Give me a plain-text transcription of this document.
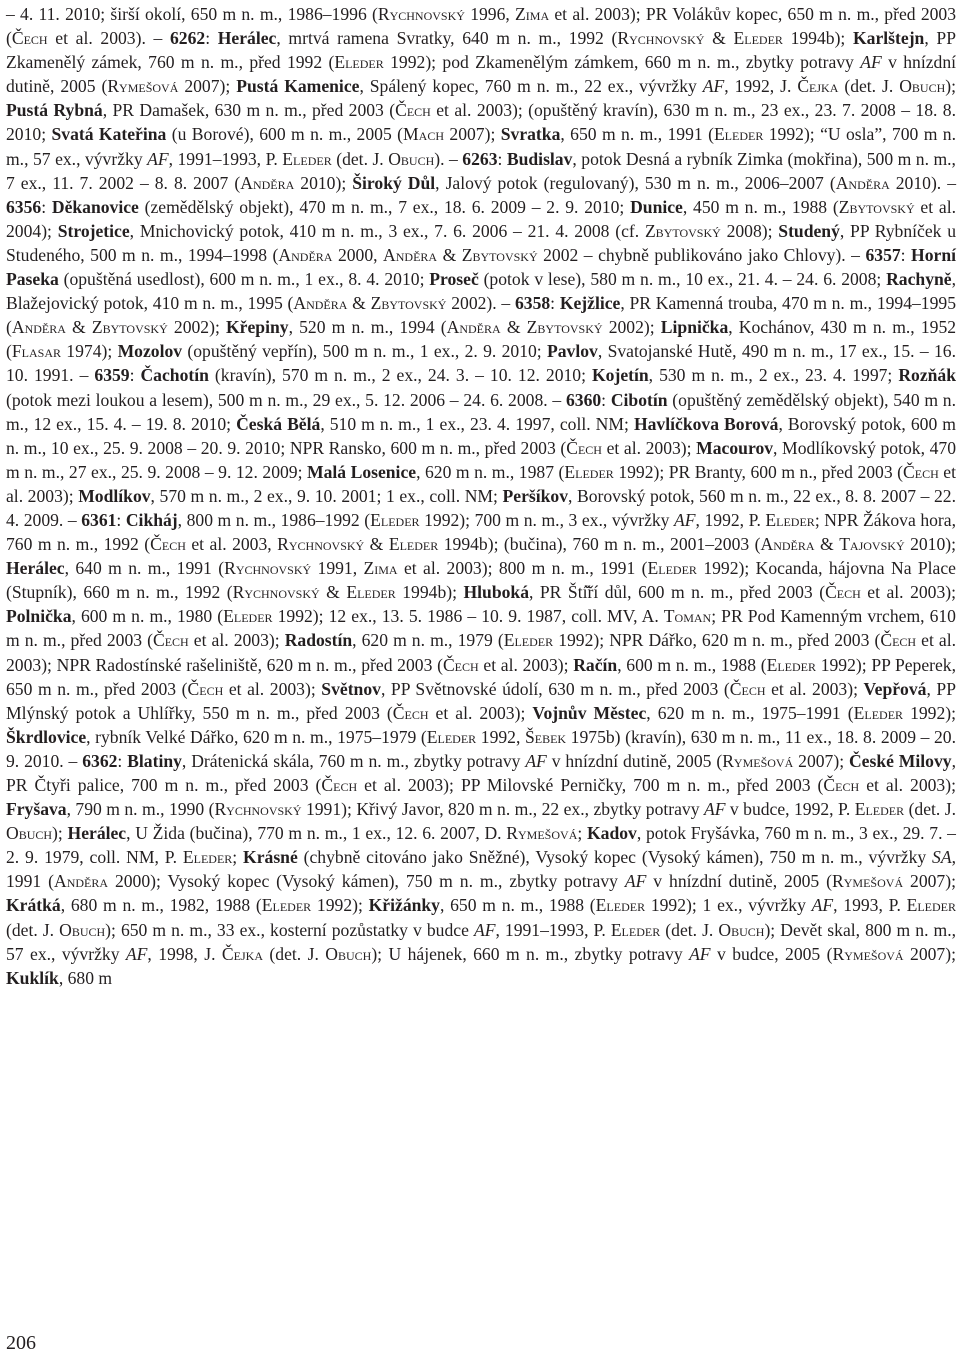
– 4. 11. 2010; širší okolí, 650 m n. m., 1986–1996 (Rychnovský 1996, Zima et al. 2003); PR Volákův kopec, 650 m n. m., před 2003 (Čech et al. 2003). – 6262: Herálec, mrtvá ramena Svratky, 640 m n. m., 1992 (Rychnovský & Eleder 1994b); Karlštejn, PP Zkamenělý zámek, 760 m n. m., před 1992 (Eleder 1992); pod Zkamenělým zámkem, 660 m n. m., zbytky potravy AF v hnízdní dutině, 2005 (Rymešová 2007); Pustá Kamenice, Spálený kopec, 760 m n. m., 22 ex., vývržky AF, 1992, J. Čejka (det. J. Obuch); Pustá Rybná, PR Damašek, 630 m n. m., před 2003 (Čech et al. 2003); (opuštěný kravín), 630 m n. m., 23 ex., 23. 7. 2008 – 18. 8. 2010; Svatá Kateřina (u Borové), 600 m n. m., 2005 (Mach 2007); Svratka, 650 m n. m., 1991 (Eleder 1992); “U osla”, 700 m n. m., 57 ex., vývržky AF, 1991–1993, P. Eleder (det. J. Obuch). – 6263: Budislav, potok Desná a rybník Zimka (mokřina), 500 m n. m., 7 ex., 11. 7. 2002 – 8. 8. 2007 (Anděra 2010); Široký Důl, Jalový potok (regulovaný), 530 m n. m., 2006–2007 (Anděra 2010). – 6356: Děkanovice (zemědělský objekt), 470 m n. m., 7 ex., 18. 6. 2009 – 2. 9. 2010; Dunice, 450 m n. m., 1988 (Zbytovský et al. 2004); Strojetice, Mnichovický potok, 410 m n. m., 3 ex., 7. 6. 2006 – 21. 4. 2008 (cf. Zbytovský 2008); Studený, PP Rybníček u Studeného, 500 m n. m., 1994–1998 (Anděra 2000, Anděra & Zbytovský 2002 – chybně publikováno jako Chlovy). – 6357: Horní Paseka (opuštěná usedlost), 600 m n. m., 1 ex., 8. 4. 2010; Proseč (potok v lese), 580 m n. m., 10 ex., 21. 4. – 24. 6. 2008; Rachyně, Blažejovický potok, 410 m n. m., 1995 (Anděra & Zbytovský 2002). – 6358: Kejžlice, PR Kamenná trouba, 470 m n. m., 1994–1995 (Anděra & Zbytovský 2002); Křepiny, 520 m n. m., 1994 (Anděra & Zbytovský 2002); Lipnička, Kochánov, 430 m n. m., 1952 (Flasar 1974); Mozolov (opuštěný vepřín), 500 m n. m., 1 ex., 2. 9. 2010; Pavlov, Svatojanské Hutě, 490 m n. m., 17 ex., 15. – 16. 10. 1991. – 6359: Čachotín (kravín), 570 m n. m., 2 ex., 24. 3. – 10. 12. 2010; Kojetín, 530 m n. m., 2 ex., 23. 4. 1997; Rozňák (potok mezi loukou a lesem), 500 m n. m., 29 ex., 5. 12. 2006 – 24. 6. 2008. – 6360: Cibotín (opuštěný zemědělský objekt), 540 m n. m., 12 ex., 15. 4. – 19. 8. 2010; Česká Bělá, 510 m n. m., 1 ex., 23. 4. 1997, coll. NM; Havlíčkova Borová, Borovský potok, 600 m n. m., 10 ex., 25. 9. 2008 – 20. 9. 2010; NPR Ransko, 600 m n. m., před 2003 (Čech et al. 2003); Macourov, Modlíkovský potok, 470 m n. m., 27 ex., 25. 9. 2008 – 9. 12. 2009; Malá Losenice, 620 m n. m., 1987 (Eleder 1992); PR Branty, 600 m n., před 2003 (Čech et al. 2003); Modlíkov, 570 m n. m., 2 ex., 9. 10. 2001; 1 ex., coll. NM; Peršíkov, Borovský potok, 560 m n. m., 22 ex., 8. 8. 2007 – 22. 4. 2009. – 6361: Cikháj, 800 m n. m., 1986–1992 (Eleder 1992); 700 m n. m., 3 ex., vývržky AF, 1992, P. Eleder; NPR Žákova hora, 760 m n. m., 1992 (Čech et al. 2003, Rychnovský & Eleder 1994b); (bučina), 760 m n. m., 2001–2003 (Anděra & Tajovský 2010); Herálec, 640 m n. m., 1991 (Rychnovský 1991, Zima et al. 2003); 800 m n. m., 1991 (Eleder 1992); Kocanda, hájovna Na Place (Stupník), 660 m n. m., 1992 (Rychnovský & Eleder 1994b); Hluboká, PR Ští̌ří důl, 600 m n. m., před 2003 (Čech et al. 2003); Polnička, 600 m n. m., 1980 (Eleder 1992); 12 ex., 13. 5. 1986 – 10. 9. 1987, coll. MV, A. Toman; PR Pod Kamenným vrchem, 610 m n. m., před 2003 (Čech et al. 2003); Radostín, 620 m n. m., 1979 (Eleder 1992); NPR Dářko, 620 m n. m., před 2003 (Čech et al. 2003); NPR Radostínské rašeliniště, 620 m n. m., před 2003 (Čech et al. 2003); Račín, 600 m n. m., 1988 (Eleder 1992); PP Peperek, 650 m n. m., před 2003 (Čech et al. 2003); Světnov, PP Světnovské údolí, 630 m n. m., před 2003 (Čech et al. 2003); Vepřová, PP Mlýnský potok a Uhlířky, 550 m n. m., před 2003 (Čech et al. 2003); Vojnův Městec, 620 m n. m., 1975–1991 (Eleder 1992); Škrdlovice, rybník Velké Dářko, 620 m n. m., 1975–1979 (Eleder 1992, Šebek 1975b) (kravín), 630 m n. m., 11 ex., 18. 8. 2009 – 20. 9. 2010. – 6362: Blatiny, Drátenická skála, 760 m n. m., zbytky potravy AF v hnízdní dutině, 2005 (Rymešová 2007); České Milovy, PR Čtyři palice, 700 m n. m., před 2003 (Čech et al. 2003); PP Milovské Perničky, 700 m n. m., před 2003 (Čech et al. 2003); Fryšava, 790 m n. m., 1990 (Rychnovský 1991); Křivý Javor, 820 m n. m., 22 ex., zbytky potravy AF v budce, 1992, P. Eleder (det. J. Obuch); Herálec, U Žida (bučina), 770 m n. m., 1 ex., 12. 6. 2007, D. Rymešová; Kadov, potok Fryšávka, 760 m n. m., 3 ex., 29. 7. – 2. 9. 1979, coll. NM, P. Eleder; Krásné (chybně citováno jako Sněžné), Vysoký kopec (Vysoký kámen), 750 m n. m., vývržky SA, 1991 (Anděra 2000); Vysoký kopec (Vysoký kámen), 750 m n. m., zbytky potravy AF v hnízdní dutině, 2005 (Rymešová 2007); Krátká, 680 m n. m., 1982, 1988 (Eleder 1992); Křižánky, 650 m n. m., 1988 (Eleder 1992); 1 ex., vývržky AF, 1993, P. Eleder (det. J. Obuch); 650 m n. m., 33 ex., kosterní pozůstatky v budce AF, 1991–1993, P. Eleder (det. J. Obuch); Devět skal, 800 m n. m., 57 ex., vývržky AF, 1998, J. Čejka (det. J. Obuch); U hájenek, 660 m n. m., zbytky potravy AF v budce, 2005 (Rymešová 2007); Kuklík, 680 m

206
